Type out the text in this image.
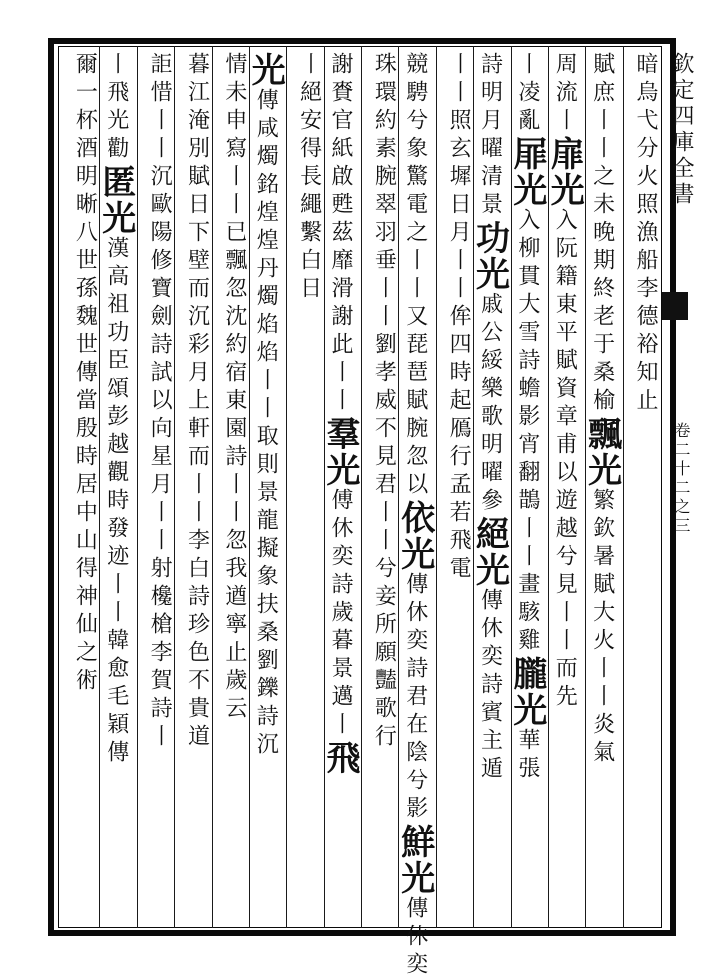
暗烏弋分火照漁船李德裕知止
賦庶丨丨之未晚期終老于桑榆飄光繁欽暑賦大火丨丨炎氣
周流丨扉光入阮籍東平賦資章甫以遊越兮見丨丨而先
丨凌亂屝光入柳貫大雪詩蟾影宵翻鵲丨丨畫駭雞朧光華張
詩明月曜清景功光戚公綏樂歌明曜參絕光傳休奕詩賓主遁
丨丨照玄墀日月丨丨侔四時起鴈行孟若飛電
競騁兮象驚電之丨丨又琵琶賦腕忽以依光傳休奕詩君在陰兮影鮮光傳休奕
珠環約素腕翠羽垂丨丨劉孝威不見君丨丨兮妾所願豔歌行
謝賚官紙啟甦茲靡滑謝此丨丨羣光傅休奕詩歲暮景邁丨飛
丨絕安得長繩繫白日
光傳咸燭銘煌煌丹燭焰焰丨丨取則景龍擬象扶桑劉鑠詩沉
情未申寫丨丨已飄忽沈約宿東園詩丨丨忽我遒寧止歲云
暮江淹別賦日下壁而沉彩月上軒而丨丨李白詩珍色不貴道
詎惜丨丨沉歐陽修寶劍詩試以向星月丨丨射欃槍李賀詩丨
丨飛光勸匿光漢高祖功臣頌彭越觀時發迹丨丨韓愈毛穎傳
爾一杯酒明晰八世孫魏世傳當殷時居中山得神仙之術
欽定四庫全書
卷二十二之三
